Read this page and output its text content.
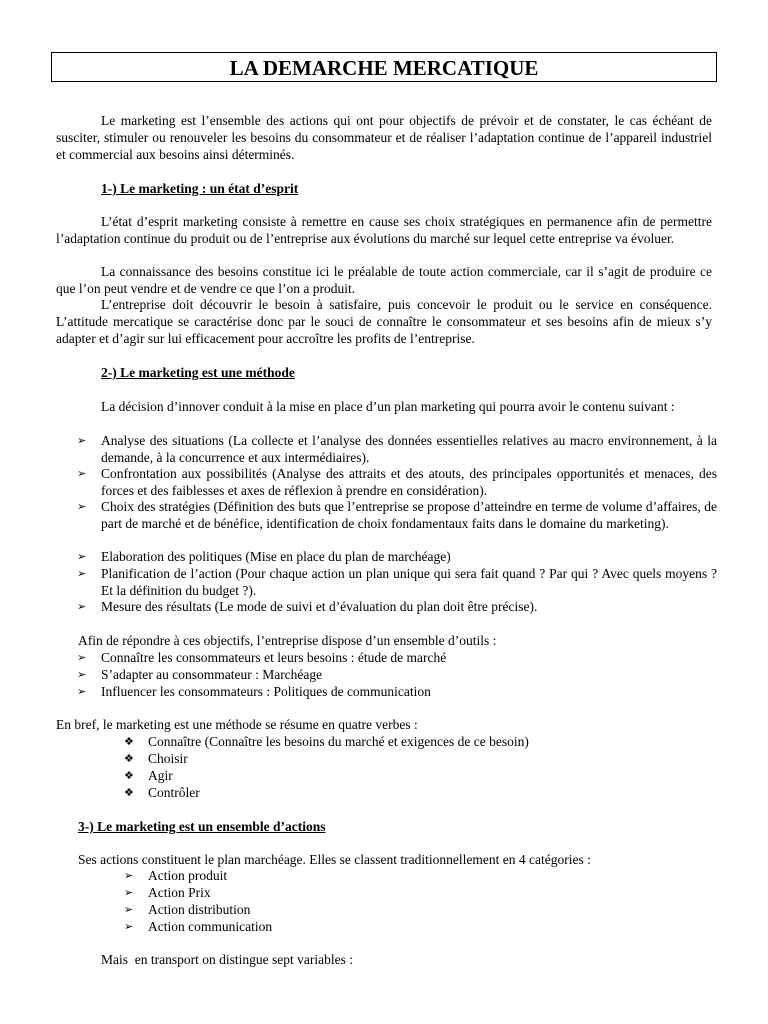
LA DEMARCHE MERCATIQUE

Le marketing est l’ensemble des actions qui ont pour objectifs de prévoir et de constater, le cas échéant de susciter, stimuler ou renouveler les besoins du consommateur et de réaliser l’adaptation continue de l’appareil industriel et commercial aux besoins ainsi déterminés.

1-) Le marketing : un état d’esprit

L’état d’esprit marketing consiste à remettre en cause ses choix stratégiques en permanence afin de permettre l’adaptation continue du produit ou de l’entreprise aux évolutions du marché sur lequel cette entreprise va évoluer.

La connaissance des besoins constitue ici le préalable de toute action commerciale, car il s’agit de produire ce que l’on peut vendre et de vendre ce que l’on a produit.

L’entreprise doit découvrir le besoin à satisfaire, puis concevoir le produit ou le service en conséquence. L’attitude mercatique se caractérise donc par le souci de connaître le consommateur et ses besoins afin de mieux s’y adapter et d’agir sur lui efficacement pour accroître les profits de l’entreprise.

2-) Le marketing est une méthode

La décision d’innover conduit à la mise en place d’un plan marketing qui pourra avoir le contenu suivant :

➢	Analyse des situations (La collecte et l’analyse des données essentielles relatives au macro environnement, à la demande, à la concurrence et aux intermédiaires).

➢	Confrontation aux possibilités (Analyse des attraits et des atouts, des principales opportunités et menaces, des forces et des faiblesses et axes de réflexion à prendre en considération).

➢	Choix des stratégies (Définition des buts que l’entreprise se propose d’atteindre en terme de volume d’affaires, de part de marché et de bénéfice, identification de choix fondamentaux faits dans le domaine du marketing).

➢	Elaboration des politiques (Mise en place du plan de marchéage)

➢	Planification de l’action (Pour chaque action un plan unique qui sera fait quand ? Par qui ? Avec quels moyens ? Et la définition du budget ?).

➢	Mesure des résultats (Le mode de suivi et d’évaluation du plan doit être précise).

Afin de répondre à ces objectifs, l’entreprise dispose d’un ensemble d’outils :

➢	Connaître les consommateurs et leurs besoins : étude de marché

➢	S’adapter au consommateur : Marchéage

➢	Influencer les consommateurs : Politiques de communication

En bref, le marketing est une méthode se résume en quatre verbes :

❖	Connaître (Connaître les besoins du marché et exigences de ce besoin)

❖	Choisir

❖	Agir

❖	Contrôler

3-) Le marketing est un ensemble d’actions

Ses actions constituent le plan marchéage. Elles se classent traditionnellement en 4 catégories :

➢	Action produit

➢	Action Prix

➢	Action distribution

➢	Action communication

Mais  en transport on distingue sept variables :
